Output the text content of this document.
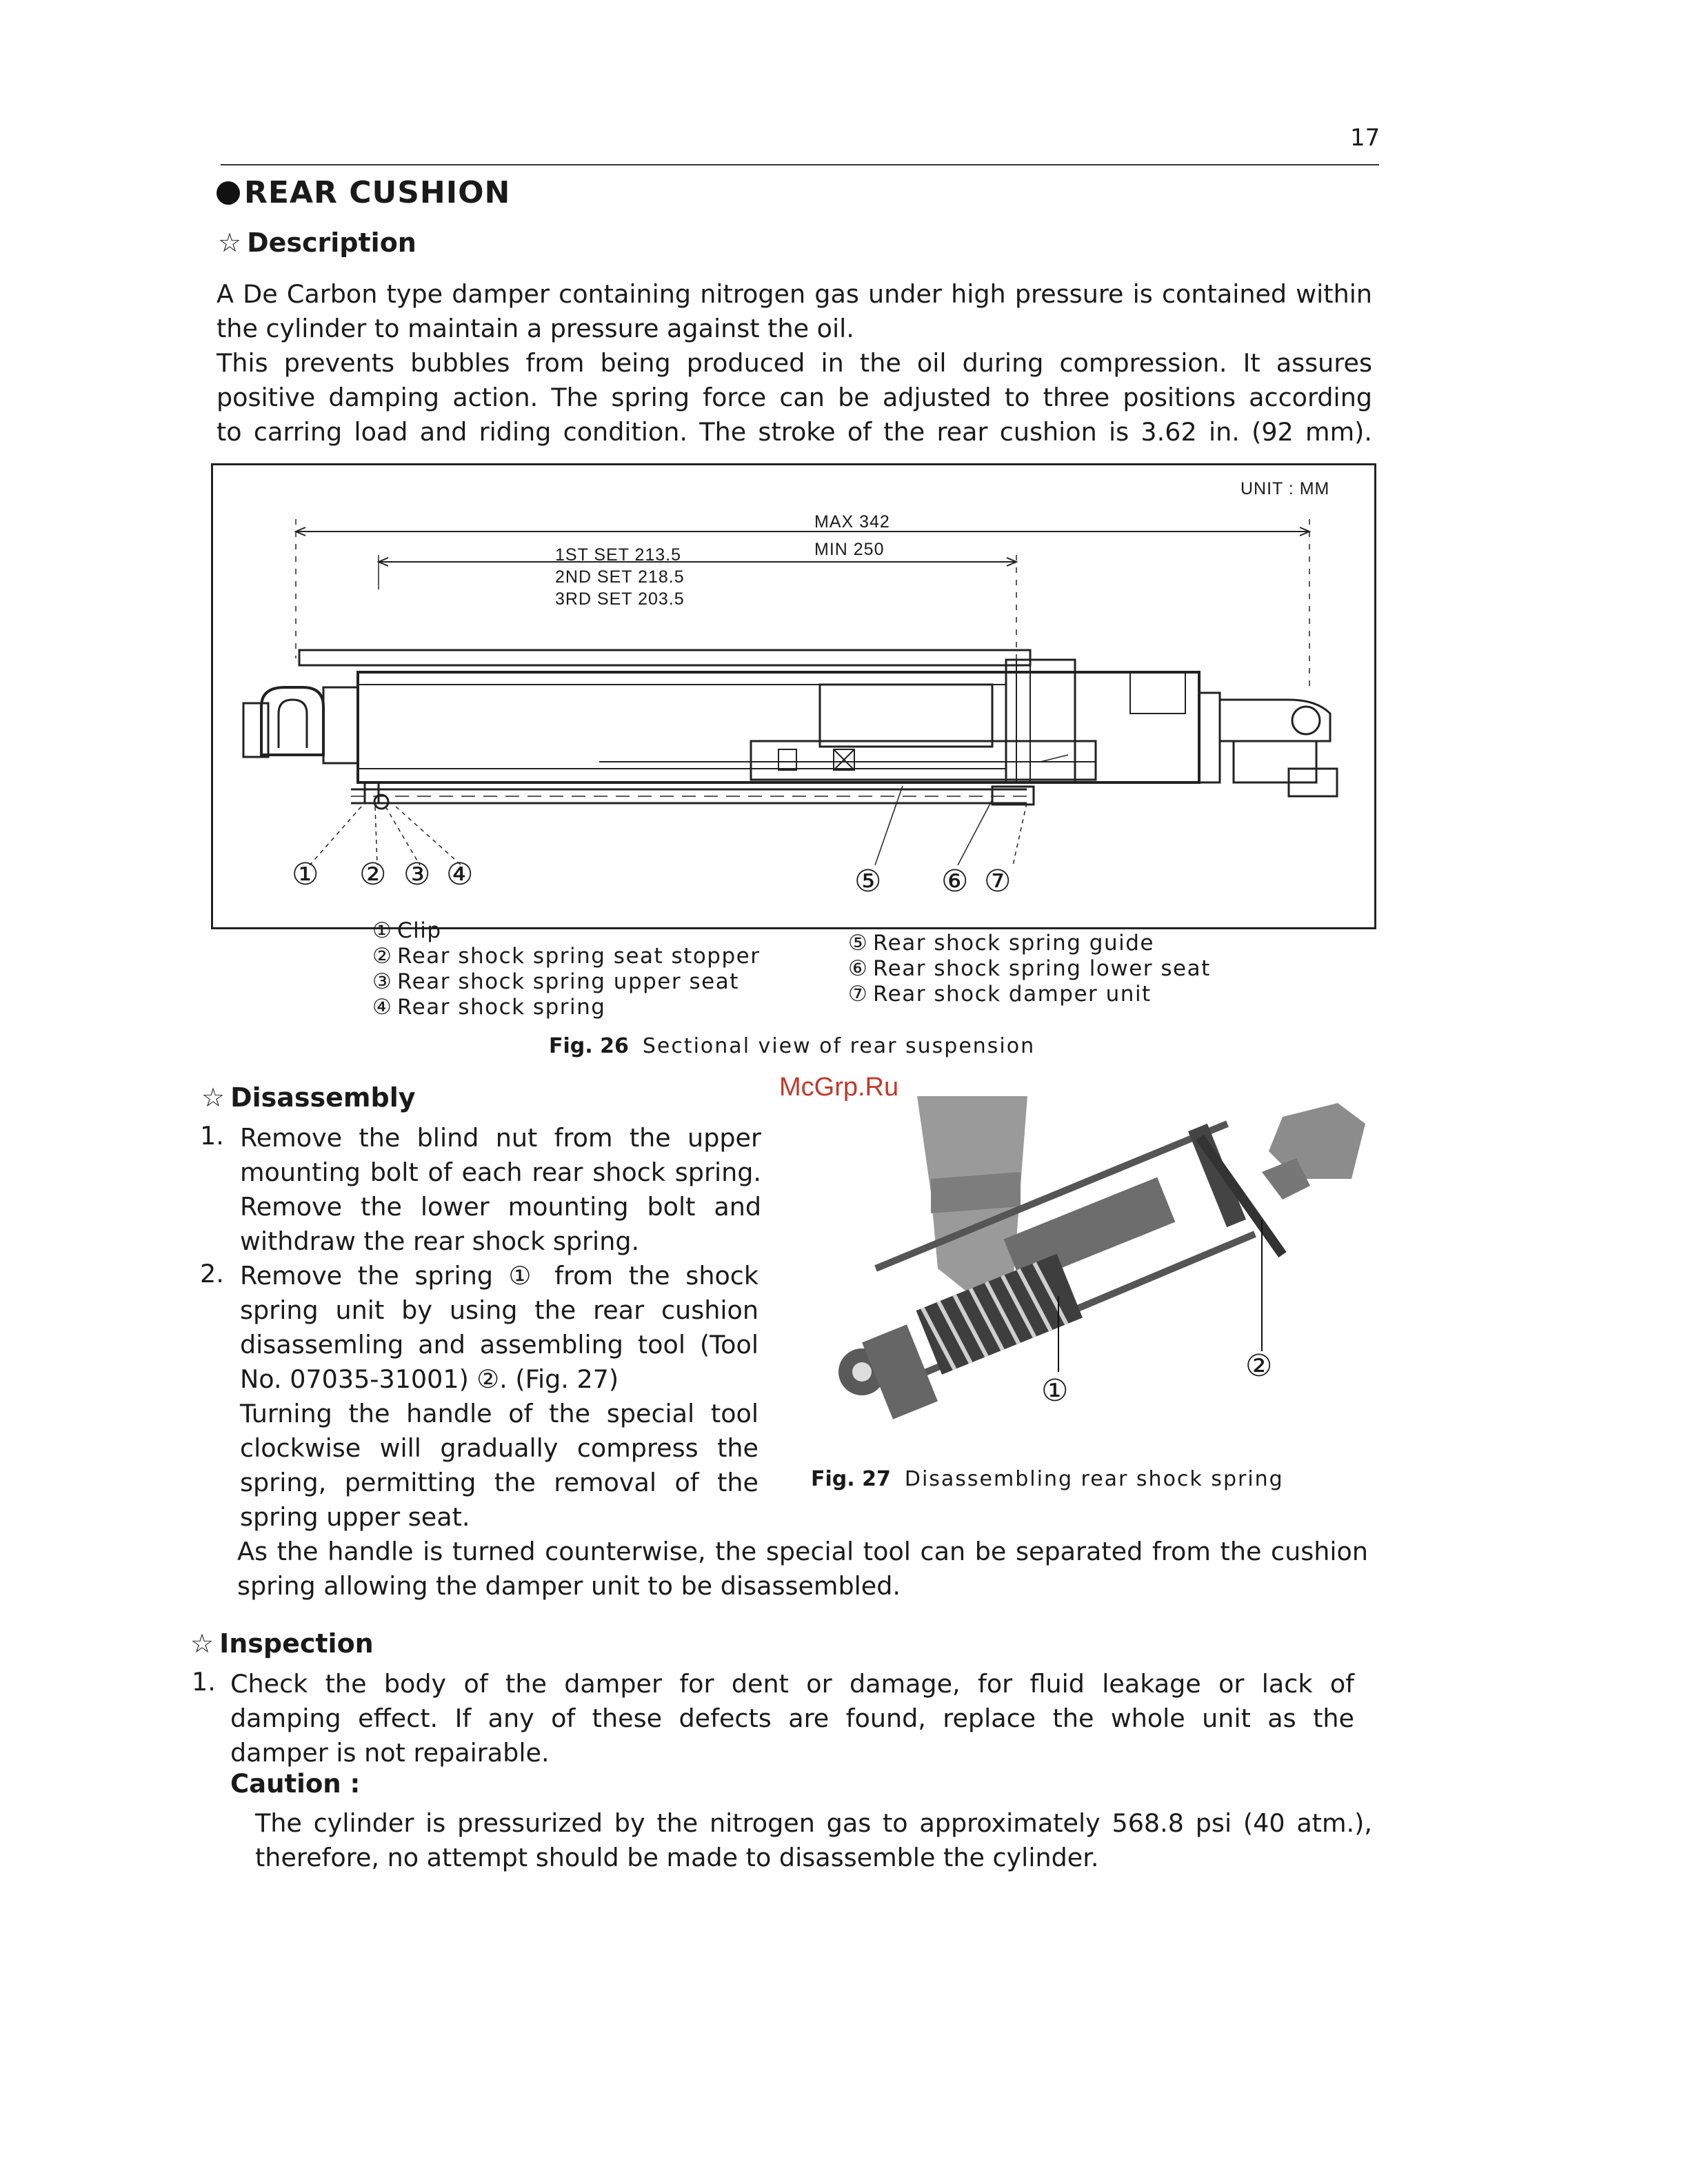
17
REAR CUSHION
☆ Description
A De Carbon type damper containing nitrogen gas under high pressure is contained within
the cylinder to maintain a pressure against the oil.
This prevents bubbles from being produced in the oil during compression. It assures
positive damping action. The spring force can be adjusted to three positions according
to carring load and riding condition. The stroke of the rear cushion is 3.62 in. (92 mm).
UNIT : MM
MAX 342
MIN 250
1ST SET 213.5
2ND SET 218.5
3RD SET 203.5
① ② ③ ④	⑤ ⑥ ⑦
① Clip
② Rear shock spring seat stopper
③ Rear shock spring upper seat
④ Rear shock spring
⑤ Rear shock spring guide
⑥ Rear shock spring lower seat
⑦ Rear shock damper unit
Fig. 26 Sectional view of rear suspension
McGrp.Ru
☆ Disassembly
1. Remove the blind nut from the upper
mounting bolt of each rear shock spring.
Remove the lower mounting bolt and
withdraw the rear shock spring.
2. Remove the spring ① from the shock
spring unit by using the rear cushion
disassemling and assembling tool (Tool
No. 07035-31001) ②. (Fig. 27)
Turning the handle of the special tool
clockwise will gradually compress the
spring, permitting the removal of the
spring upper seat.
As the handle is turned counterwise, the special tool can be separated from the cushion
spring allowing the damper unit to be disassembled.
①
②
Fig. 27 Disassembling rear shock spring
☆ Inspection
1. Check the body of the damper for dent or damage, for fluid leakage or lack of
damping effect. If any of these defects are found, replace the whole unit as the
damper is not repairable.
Caution :
The cylinder is pressurized by the nitrogen gas to approximately 568.8 psi (40 atm.),
therefore, no attempt should be made to disassemble the cylinder.
